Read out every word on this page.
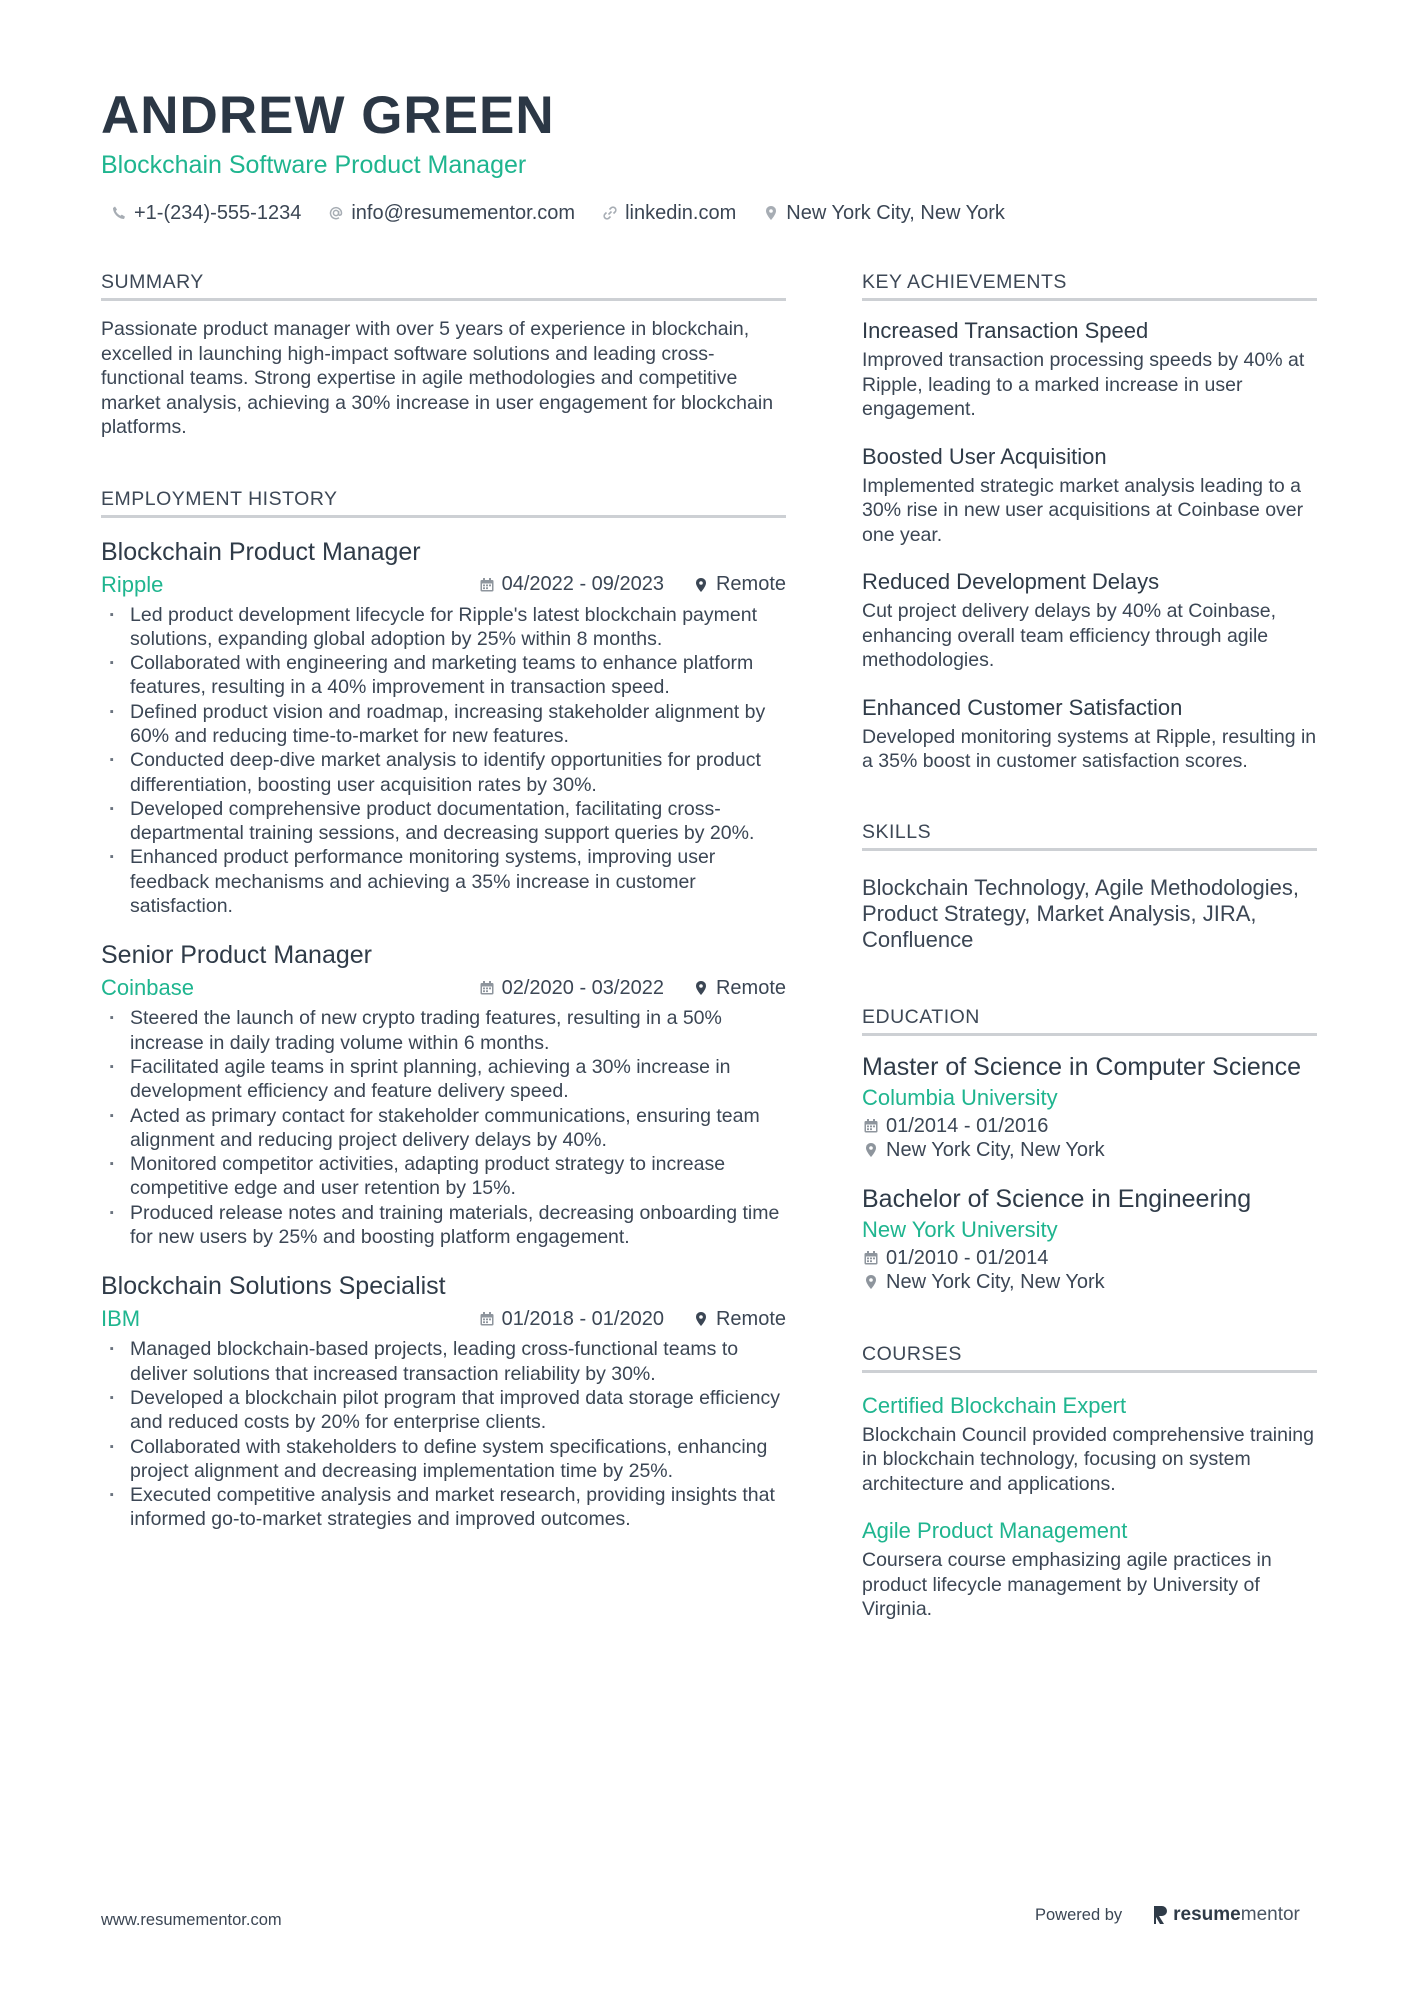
ANDREW GREEN
Blockchain Software Product Manager
+1-(234)-555-1234	info@resumementor.com	linkedin.com	New York City, New York
SUMMARY
Passionate product manager with over 5 years of experience in blockchain, excelled in launching high-impact software solutions and leading cross-functional teams. Strong expertise in agile methodologies and competitive market analysis, achieving a 30% increase in user engagement for blockchain platforms.
EMPLOYMENT HISTORY
Blockchain Product Manager
Ripple	04/2022 - 09/2023	Remote
· Led product development lifecycle for Ripple's latest blockchain payment solutions, expanding global adoption by 25% within 8 months.
· Collaborated with engineering and marketing teams to enhance platform features, resulting in a 40% improvement in transaction speed.
· Defined product vision and roadmap, increasing stakeholder alignment by 60% and reducing time-to-market for new features.
· Conducted deep-dive market analysis to identify opportunities for product differentiation, boosting user acquisition rates by 30%.
· Developed comprehensive product documentation, facilitating cross-departmental training sessions, and decreasing support queries by 20%.
· Enhanced product performance monitoring systems, improving user feedback mechanisms and achieving a 35% increase in customer satisfaction.
Senior Product Manager
Coinbase	02/2020 - 03/2022	Remote
· Steered the launch of new crypto trading features, resulting in a 50% increase in daily trading volume within 6 months.
· Facilitated agile teams in sprint planning, achieving a 30% increase in development efficiency and feature delivery speed.
· Acted as primary contact for stakeholder communications, ensuring team alignment and reducing project delivery delays by 40%.
· Monitored competitor activities, adapting product strategy to increase competitive edge and user retention by 15%.
· Produced release notes and training materials, decreasing onboarding time for new users by 25% and boosting platform engagement.
Blockchain Solutions Specialist
IBM	01/2018 - 01/2020	Remote
· Managed blockchain-based projects, leading cross-functional teams to deliver solutions that increased transaction reliability by 30%.
· Developed a blockchain pilot program that improved data storage efficiency and reduced costs by 20% for enterprise clients.
· Collaborated with stakeholders to define system specifications, enhancing project alignment and decreasing implementation time by 25%.
· Executed competitive analysis and market research, providing insights that informed go-to-market strategies and improved outcomes.
KEY ACHIEVEMENTS
Increased Transaction Speed
Improved transaction processing speeds by 40% at Ripple, leading to a marked increase in user engagement.
Boosted User Acquisition
Implemented strategic market analysis leading to a 30% rise in new user acquisitions at Coinbase over one year.
Reduced Development Delays
Cut project delivery delays by 40% at Coinbase, enhancing overall team efficiency through agile methodologies.
Enhanced Customer Satisfaction
Developed monitoring systems at Ripple, resulting in a 35% boost in customer satisfaction scores.
SKILLS
Blockchain Technology, Agile Methodologies, Product Strategy, Market Analysis, JIRA, Confluence
EDUCATION
Master of Science in Computer Science
Columbia University
01/2014 - 01/2016
New York City, New York
Bachelor of Science in Engineering
New York University
01/2010 - 01/2014
New York City, New York
COURSES
Certified Blockchain Expert
Blockchain Council provided comprehensive training in blockchain technology, focusing on system architecture and applications.
Agile Product Management
Coursera course emphasizing agile practices in product lifecycle management by University of Virginia.
www.resumementor.com	Powered by	resume mentor
